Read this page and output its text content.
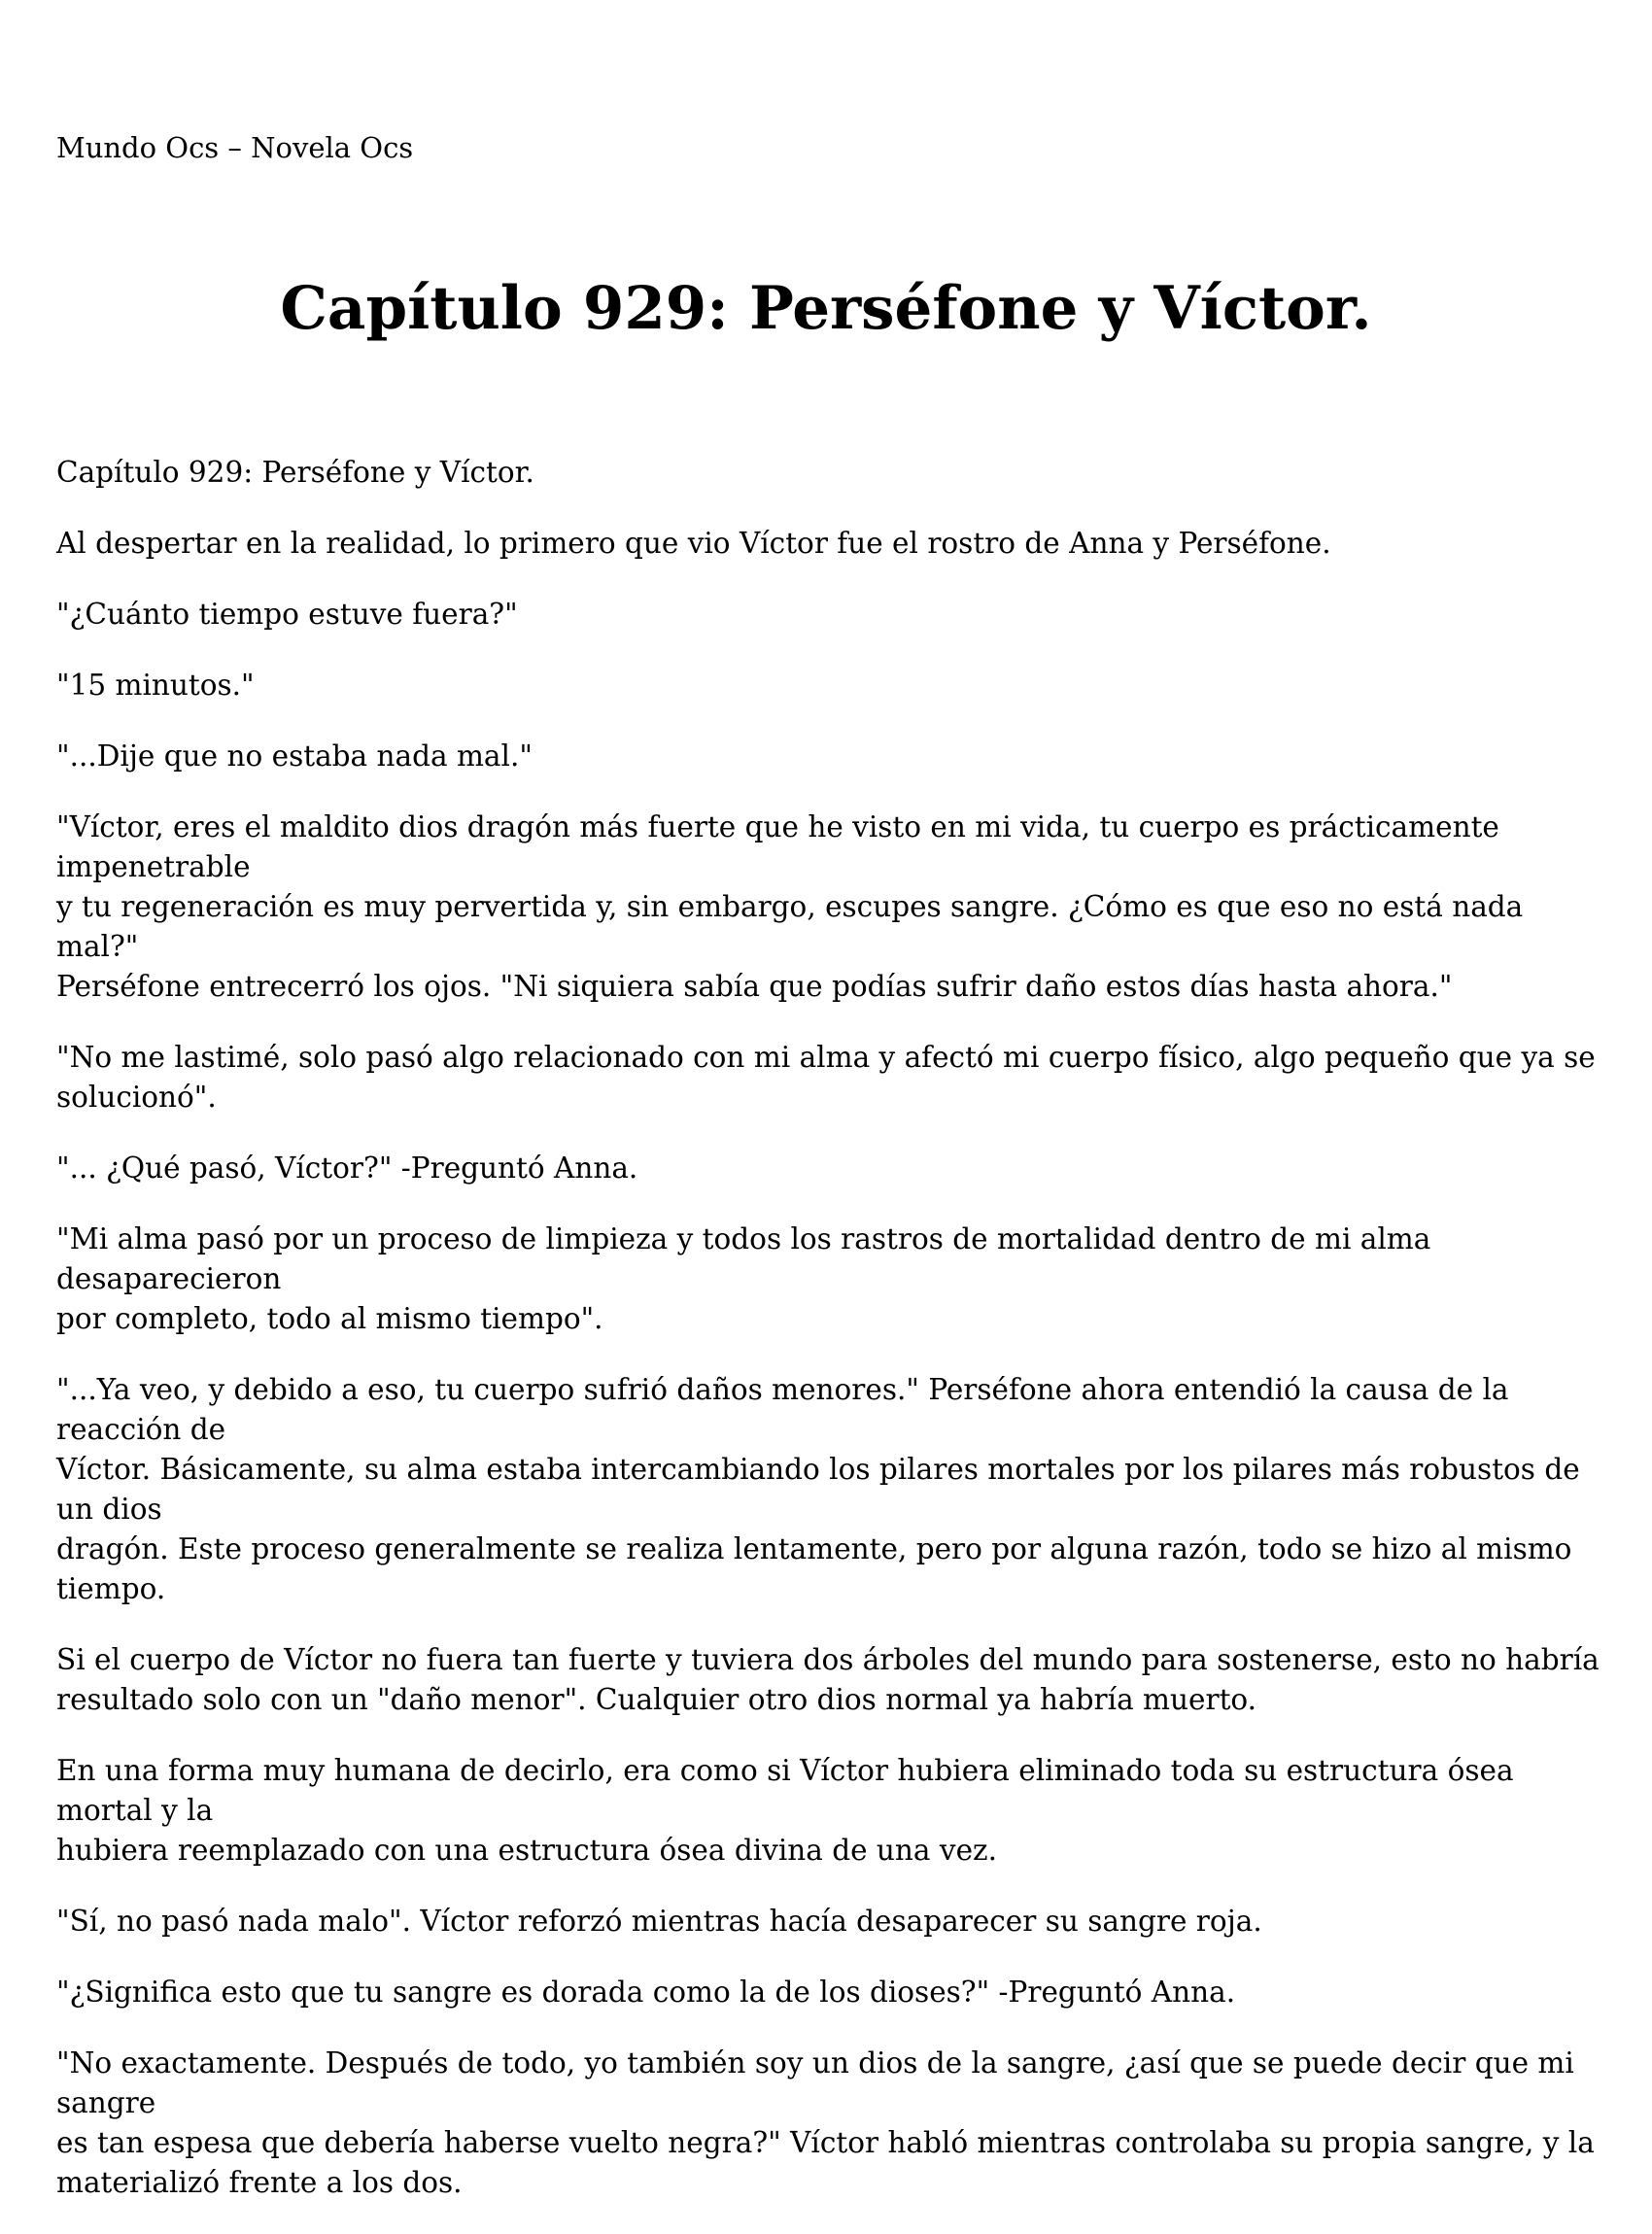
Mundo Ocs – Novela Ocs
Capítulo 929: Perséfone y Víctor.

Capítulo 929: Perséfone y Víctor.

Al despertar en la realidad, lo primero que vio Víctor fue el rostro de Anna y Perséfone.

"¿Cuánto tiempo estuve fuera?"

"15 minutos."

"...Dije que no estaba nada mal."

"Víctor, eres el maldito dios dragón más fuerte que he visto en mi vida, tu cuerpo es prácticamente impenetrable
y tu regeneración es muy pervertida y, sin embargo, escupes sangre. ¿Cómo es que eso no está nada mal?"
Perséfone entrecerró los ojos. "Ni siquiera sabía que podías sufrir daño estos días hasta ahora."

"No me lastimé, solo pasó algo relacionado con mi alma y afectó mi cuerpo físico, algo pequeño que ya se
solucionó".

"... ¿Qué pasó, Víctor?" -Preguntó Anna.

"Mi alma pasó por un proceso de limpieza y todos los rastros de mortalidad dentro de mi alma desaparecieron
por completo, todo al mismo tiempo".

"...Ya veo, y debido a eso, tu cuerpo sufrió daños menores." Perséfone ahora entendió la causa de la reacción de
Víctor. Básicamente, su alma estaba intercambiando los pilares mortales por los pilares más robustos de un dios
dragón. Este proceso generalmente se realiza lentamente, pero por alguna razón, todo se hizo al mismo tiempo.

Si el cuerpo de Víctor no fuera tan fuerte y tuviera dos árboles del mundo para sostenerse, esto no habría
resultado solo con un "daño menor". Cualquier otro dios normal ya habría muerto.

En una forma muy humana de decirlo, era como si Víctor hubiera eliminado toda su estructura ósea mortal y la
hubiera reemplazado con una estructura ósea divina de una vez.

"Sí, no pasó nada malo". Víctor reforzó mientras hacía desaparecer su sangre roja.

"¿Significa esto que tu sangre es dorada como la de los dioses?" -Preguntó Anna.

"No exactamente. Después de todo, yo también soy un dios de la sangre, ¿así que se puede decir que mi sangre
es tan espesa que debería haberse vuelto negra?" Víctor habló mientras controlaba su propia sangre, y la
materializó frente a los dos.
